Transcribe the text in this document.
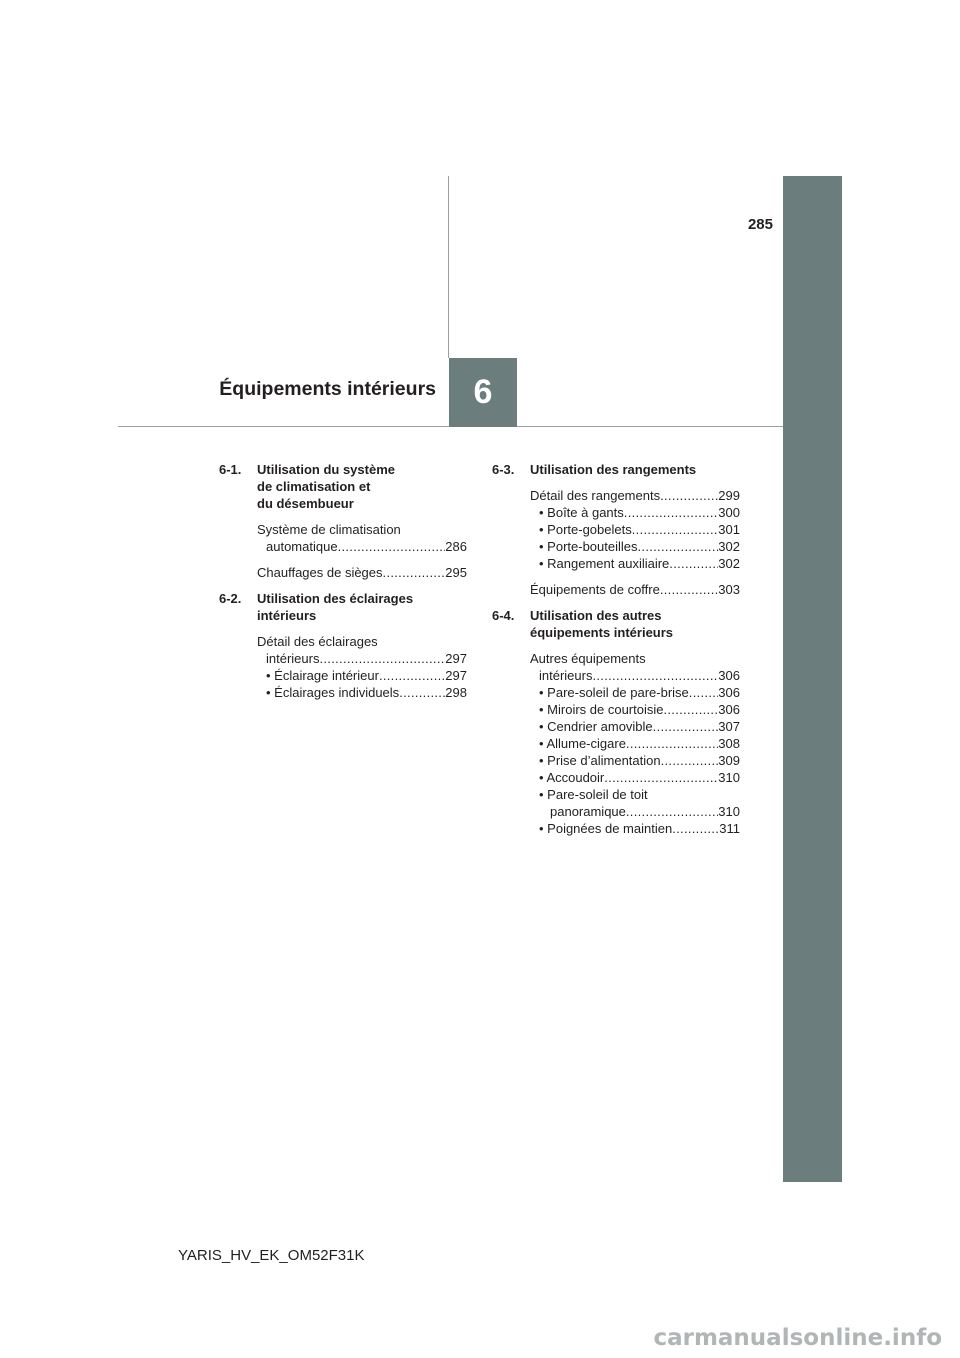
285
6
Équipements intérieurs
6-1. Utilisation du système
de climatisation et
du désembueur
Système de climatisation
automatique .....	286
Chauffages de sièges .....	295
6-2. Utilisation des éclairages
intérieurs
Détail des éclairages
intérieurs .....	297
• Éclairage intérieur .....	297
• Éclairages individuels .....	298
6-3. Utilisation des rangements
Détail des rangements .....	299
• Boîte à gants .....	300
• Porte-gobelets .....	301
• Porte-bouteilles .....	302
• Rangement auxiliaire .....	302
Équipements de coffre .....	303
6-4. Utilisation des autres
équipements intérieurs
Autres équipements
intérieurs .....	306
• Pare-soleil de pare-brise ..... 306
• Miroirs de courtoisie .....	306
• Cendrier amovible .....	307
• Allume-cigare .....	308
• Prise d’alimentation .....	309
• Accoudoir .....	310
• Pare-soleil de toit
panoramique .....	310
• Poignées de maintien .....	311
YARIS_HV_EK_OM52F31K
carmanualsonline.info
